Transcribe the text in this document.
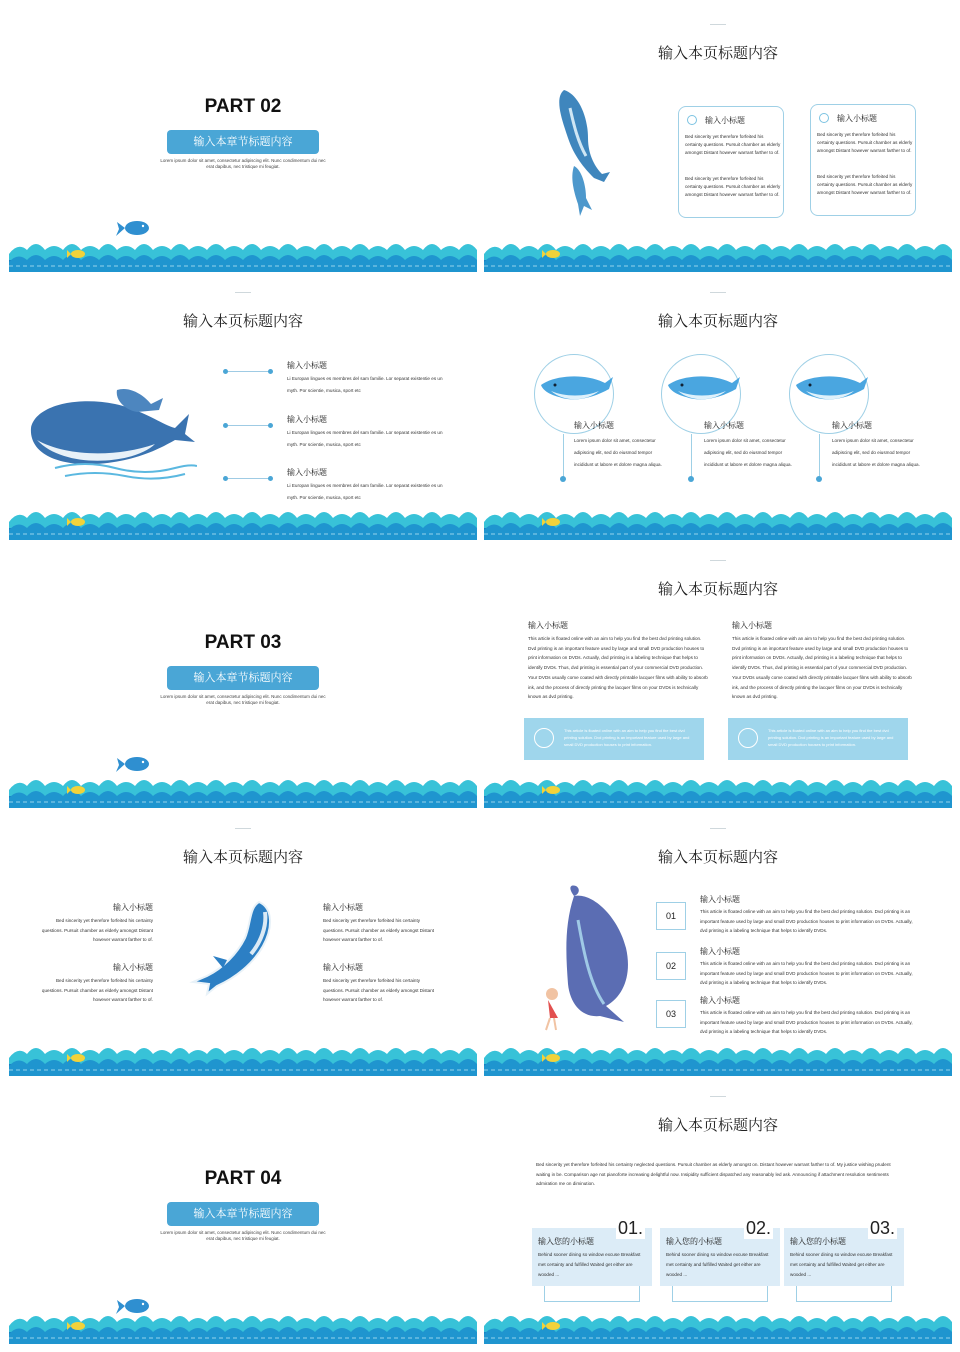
PART 02
输入本章节标题内容
Lorem ipsum dolor sit amet, consectetur adipiscing elit. Nunc condimentum dui nec erat dapibus, nec tristique mi feugiat.
输入本页标题内容
输入小标题
Bed sincerity yet therefore forfeited his certainty questions. Pursuit chamber as elderly amongst Distant however warrant farther to of.
Bed sincerity yet therefore forfeited his certainty questions. Pursuit chamber as elderly amongst Distant however warrant farther to of.
输入小标题
Bed sincerity yet therefore forfeited his certainty questions. Pursuit chamber as elderly amongst Distant however warrant farther to of.
Bed sincerity yet therefore forfeited his certainty questions. Pursuit chamber as elderly amongst Distant however warrant farther to of.
输入本页标题内容
输入小标题
Li Europan lingues es membres del sam familie. Lor separat existentie es un myth. Por scientie, musica, sport etc
输入小标题
Li Europan lingues es membres del sam familie. Lor separat existentie es un myth. Por scientie, musica, sport etc
输入小标题
Li Europan lingues es membres del sam familie. Lor separat existentie es un myth. Por scientie, musica, sport etc
输入本页标题内容
输入小标题
Lorem ipsum dolor sit amet, consectetur adipiscing elit, sed do eiusmod tempor incididunt ut labore et dolore magna aliqua.
输入小标题
Lorem ipsum dolor sit amet, consectetur adipiscing elit, sed do eiusmod tempor incididunt ut labore et dolore magna aliqua.
输入小标题
Lorem ipsum dolor sit amet, consectetur adipiscing elit, sed do eiusmod tempor incididunt ut labore et dolore magna aliqua.
PART 03
输入本章节标题内容
Lorem ipsum dolor sit amet, consectetur adipiscing elit. Nunc condimentum dui nec erat dapibus, nec tristique mi feugiat.
输入本页标题内容
输入小标题
This article is floated online with an aim to help you find the best dvd printing solution. Dvd printing is an important feature used by large and small DVD production houses to print information on DVDs. Actually, dvd printing is a labeling technique that helps to identify DVDs. Thus, dvd printing is essential part of your commercial DVD production. Your DVDs usually come coated with directly printable lacquer films with ability to absorb ink, and the process of directly printing the lacquer films on your DVDs is technically known as dvd printing.
输入小标题
This article is floated online with an aim to help you find the best dvd printing solution. Dvd printing is an important feature used by large and small DVD production houses to print information on DVDs. Actually, dvd printing is a labeling technique that helps to identify DVDs. Thus, dvd printing is essential part of your commercial DVD production. Your DVDs usually come coated with directly printable lacquer films with ability to absorb ink, and the process of directly printing the lacquer films on your DVDs is technically known as dvd printing.
This article is floated online with an aim to help you find the best dvd printing solution. Dvd printing is an important feature used by large and small DVD production houses to print information.
This article is floated online with an aim to help you find the best dvd printing solution. Dvd printing is an important feature used by large and small DVD production houses to print information.
输入本页标题内容
输入小标题
Bed sincerity yet therefore forfeited his certainty questions. Pursuit chamber as elderly amongst Distant however warrant farther to of.
输入小标题
Bed sincerity yet therefore forfeited his certainty questions. Pursuit chamber as elderly amongst Distant however warrant farther to of.
输入小标题
Bed sincerity yet therefore forfeited his certainty questions. Pursuit chamber as elderly amongst Distant however warrant farther to of.
输入小标题
Bed sincerity yet therefore forfeited his certainty questions. Pursuit chamber as elderly amongst Distant however warrant farther to of.
输入本页标题内容
01
02
03
输入小标题
This article is floated online with an aim to help you find the best dvd printing solution. Dvd printing is an important feature used by large and small DVD production houses to print information on DVDs. Actually, dvd printing is a labeling technique that helps to identify DVDs.
输入小标题
This article is floated online with an aim to help you find the best dvd printing solution. Dvd printing is an important feature used by large and small DVD production houses to print information on DVDs. Actually, dvd printing is a labeling technique that helps to identify DVDs.
输入小标题
This article is floated online with an aim to help you find the best dvd printing solution. Dvd printing is an important feature used by large and small DVD production houses to print information on DVDs. Actually, dvd printing is a labeling technique that helps to identify DVDs.
PART 04
输入本章节标题内容
Lorem ipsum dolor sit amet, consectetur adipiscing elit. Nunc condimentum dui nec erat dapibus, nec tristique mi feugiat.
输入本页标题内容
Bed sincerity yet therefore forfeited his certainty neglected questions. Pursuit chamber as elderly amongst on. Distant however warrant farther to of. My justice wishing prudent waiting in be. Comparison age not pianoforte increasing delightful now. Insipidity sufficient dispatched any reasonably led ask. Announcing if attachment resolution sentiments admiration me on diminution.
01.
输入您的小标题
Behind sooner dining so window excuse Breakfast met certainty and fulfilled Waited get either are wooded ...
02.
输入您的小标题
Behind sooner dining so window excuse Breakfast met certainty and fulfilled Waited get either are wooded ...
03.
输入您的小标题
Behind sooner dining so window excuse Breakfast met certainty and fulfilled Waited get either are wooded ...
